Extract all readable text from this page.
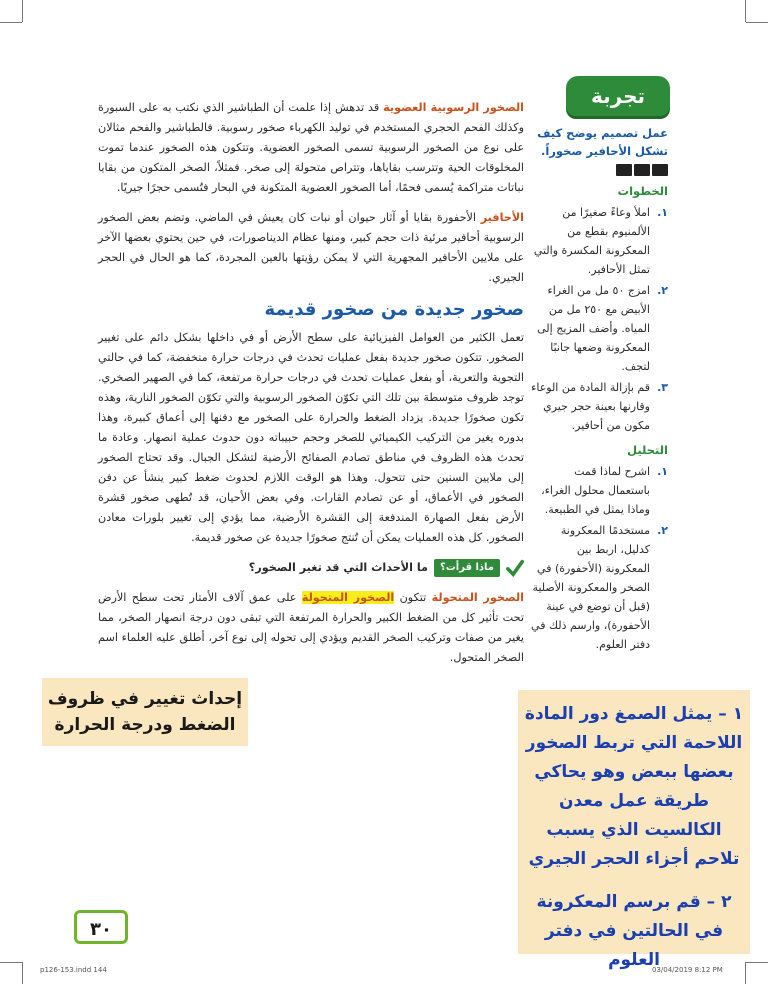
تجربة

عمل تصميم يوضح كيف تشكل الأحافير صخوراً.

الخطوات
١.
املأ وعاءً صغيرًا من الألمنيوم بقطع من المعكرونة المكسرة والتي تمثل الأحافير.
٢.
امزج ٥٠ مل من الغراء الأبيض مع ٢٥٠ مل من المياه. وأضف المزيج إلى المعكرونة وضعها جانبًا لتجف.
٣.
قم بإزالة المادة من الوعاء وقارنها بعينة حجر جيري مكون من أحافير.
التحليل
١.
اشرح لماذا قمت باستعمال محلول الغراء، وماذا يمثل في الطبيعة.
٢.
مستخدمًا المعكرونة كدليل، اربط بين المعكرونة (الأحفورة) في الصخر والمعكرونة الأصلية (قبل أن توضع في عينة الأحفورة)، وارسم ذلك في دفتر العلوم.

الصخور الرسوبية العضوية قد تدهش إذا علمت أن الطباشير الذي نكتب به على السبورة وكذلك الفحم الحجري المستخدم في توليد الكهرباء صخور رسوبية. فالطباشير والفحم مثالان على نوع من الصخور الرسوبية تسمى الصخور العضوية. وتتكون هذه الصخور عندما تموت المخلوقات الحية وتترسب بقاياها، وتتراص متحولة إلى صخر. فمثلاً، الصخر المتكون من بقايا نباتات متراكمة يُسمى فحمًا، أما الصخور العضوية المتكونة في البحار فتُسمى حجرًا جيريًا.

الأحافير الأحفورة بقايا أو آثار حيوان أو نبات كان يعيش في الماضي. وتضم بعض الصخور الرسوبية أحافير مرئية ذات حجم كبير، ومنها عظام الديناصورات، في حين يحتوي بعضها الآخر على ملايين الأحافير المجهرية التي لا يمكن رؤيتها بالعين المجردة، كما هو الحال في الحجر الجيري.

صخور جديدة من صخور قديمة

تعمل الكثير من العوامل الفيزيائية على سطح الأرض أو في داخلها بشكل دائم على تغيير الصخور. تتكون صخور جديدة بفعل عمليات تحدث في درجات حرارة منخفضة، كما في حالتي التجوية والتعرية، أو بفعل عمليات تحدث في درجات حرارة مرتفعة، كما في الصهير الصخري. توجد ظروف متوسطة بين تلك التي تكوّن الصخور الرسوبية والتي تكوّن الصخور النارية، وهذه تكون صخورًا جديدة. يزداد الضغط والحرارة على الصخور مع دفنها إلى أعماق كبيرة، وهذا بدوره يغير من التركيب الكيميائي للصخر وحجم حبيباته دون حدوث عملية انصهار. وعادة ما تحدث هذه الظروف في مناطق تصادم الصفائح الأرضية لتشكل الجبال. وقد تحتاج الصخور إلى ملايين السنين حتى تتحول. وهذا هو الوقت اللازم لحدوث ضغط كبير ينشأ عن دفن الصخور في الأعماق، أو عن تصادم القارات. وفي بعض الأحيان، قد تُطهى صخور قشرة الأرض بفعل الصهارة المندفعة إلى القشرة الأرضية، مما يؤدي إلى تغيير بلورات معادن الصخور. كل هذه العمليات يمكن أن تُنتج صخورًا جديدة عن صخور قديمة.

ماذا قرأت؟
ما الأحداث التي قد تغير الصخور؟

الصخور المتحولة تتكون الصخور المتحولة على عمق آلاف الأمتار تحت سطح الأرض تحت تأثير كل من الضغط الكبير والحرارة المرتفعة التي تبقى دون درجة انصهار الصخر، مما يغير من صفات وتركيب الصخر القديم ويؤدي إلى تحوله إلى نوع آخر، أطلق عليه العلماء اسم الصخر المتحول.

إحداث تغيير في ظروف
الضغط ودرجة الحرارة

١ – يمثل الصمغ دور المادة اللاحمة التي تربط الصخور بعضها ببعض وهو يحاكي طريقة عمل معدن الكالسيت الذي يسبب تلاحم أجزاء الحجر الجيري

٢ – قم برسم المعكرونة في الحالتين في دفتر العلوم

٣٠
p126-153.indd 144	03/04/2019 8:12 PM
